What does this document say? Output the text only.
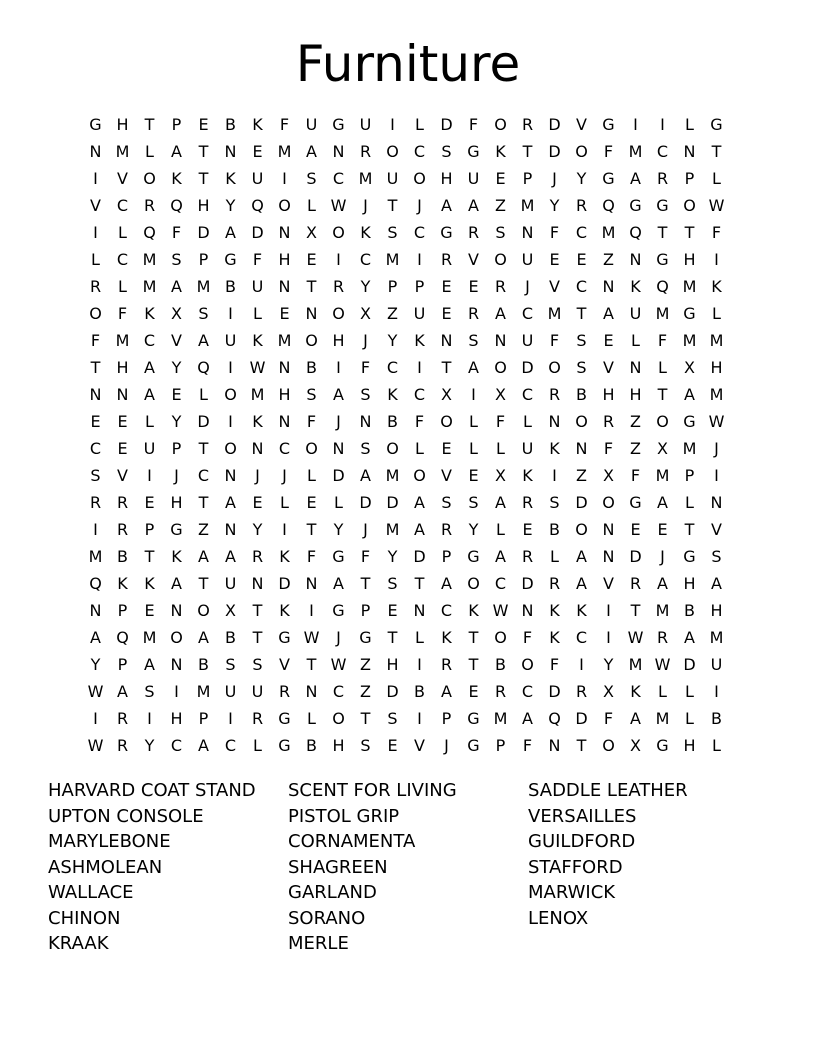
Furniture
G H	T	P	E	B	K	F	U G U	I	L	D	F	O R D V G	I	I	L	G
N M L	A	T	N E M A N R O C	S G K	T D O	F M C N	T
I	V O K	T	K U	I	S	C M U O H U	E	P	J	Y G A R	P	L
V C R Q H	Y Q O	L W	J	T	J	A	A	Z M Y	R Q G G O W
I	L	Q	F	D A D N X O K	S	C G R	S N	F	C M Q T	T	F
L	C M S	P G	F	H E	I	C M	I	R V O U	E	E	Z N G H	I
R	L M A M B U N	T	R	Y	P	P	E	E	R	J	V C N K Q M K
O	F	K	X	S	I	L	E N O X	Z U	E	R A C M T	A U M G	L
F M C V	A U K M O H	J	Y	K N S N U	F	S	E	L	F M M
T	H A	Y Q	I	W N B	I	F	C	I	T	A O D O S	V N	L	X H
N N A	E	L	O M H S	A	S	K	C X	I	X C R B H H	T	A M
E	E	L	Y D	I	K N	F	J	N B	F	O	L	F	L	N O R Z O G W
C	E	U	P	T O N C O N S O	L	E	L	L	U K N	F	Z	X M	J
S	V	I	J	C N	J	J	L	D A M O V	E	X	K	I	Z	X	F M P	I
R R	E H	T	A	E	L	E	L	D D A	S	S	A R	S D O G A	L	N
I	R	P G Z N	Y	I	T	Y	J	M A R	Y	L	E	B O N E	E	T	V
M B	T	K	A	A R	K	F	G	F	Y D	P G A R	L	A N D	J	G S
Q K	K	A	T	U N D N A	T	S	T	A O C D R A	V R A H A
N	P	E N O X	T	K	I	G P	E N C	K W N K	K	I	T M B H
A Q M O A	B	T G W	J	G T	L	K	T O	F	K	C	I	W R A M
Y	P	A N B	S	S	V	T W Z H	I	R	T	B O	F	I	Y M W D U
W A	S	I	M U U R N C Z D B	A	E	R C D R X	K	L	L	I
I	R	I	H	P	I	R G	L	O T	S	I	P G M A Q D	F	A M L	B
W R	Y	C A C	L	G B H S	E	V	J	G P	F	N	T O X G H	L
HARVARD COAT STAND
UPTON CONSOLE
MARYLEBONE
ASHMOLEAN
WALLACE
CHINON
KRAAK
SCENT FOR LIVING
PISTOL GRIP
CORNAMENTA
SHAGREEN
GARLAND
SORANO
MERLE
SADDLE LEATHER
VERSAILLES
GUILDFORD
STAFFORD
MARWICK
LENOX
